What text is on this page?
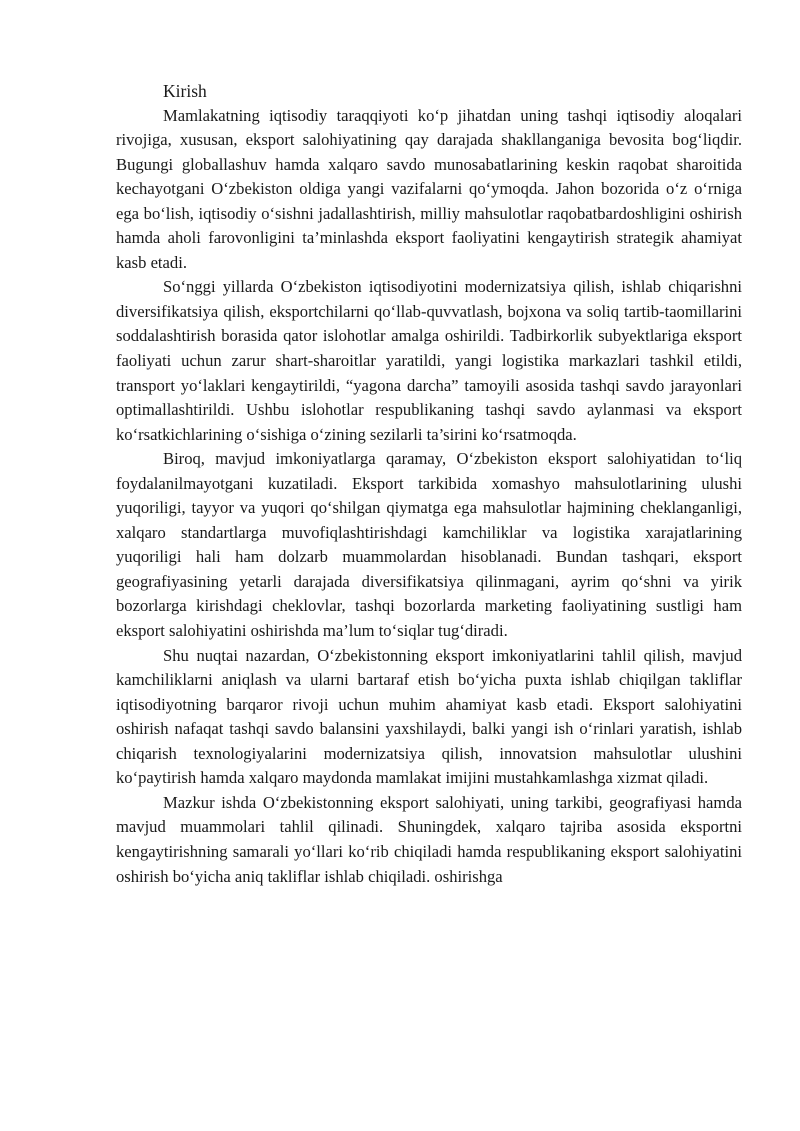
Kirish

Mamlakatning iqtisodiy taraqqiyoti ko‘p jihatdan uning tashqi iqtisodiy aloqalari rivojiga, xususan, eksport salohiyatining qay darajada shakllanganiga bevosita bog‘liqdir. Bugungi globallashuv hamda xalqaro savdo munosabatlarining keskin raqobat sharoitida kechayotgani O‘zbekiston oldiga yangi vazifalarni qo‘ymoqda. Jahon bozorida o‘z o‘rniga ega bo‘lish, iqtisodiy o‘sishni jadallashtirish, milliy mahsulotlar raqobatbardoshligini oshirish hamda aholi farovonligini ta’minlashda eksport faoliyatini kengaytirish strategik ahamiyat kasb etadi.

So‘nggi yillarda O‘zbekiston iqtisodiyotini modernizatsiya qilish, ishlab chiqarishni diversifikatsiya qilish, eksportchilarni qo‘llab-quvvatlash, bojxona va soliq tartib-taomillarini soddalashtirish borasida qator islohotlar amalga oshirildi. Tadbirkorlik subyektlariga eksport faoliyati uchun zarur shart-sharoitlar yaratildi, yangi logistika markazlari tashkil etildi, transport yo‘laklari kengaytirildi, “yagona darcha” tamoyili asosida tashqi savdo jarayonlari optimallashtirildi. Ushbu islohotlar respublikaning tashqi savdo aylanmasi va eksport ko‘rsatkichlarining o‘sishiga o‘zining sezilarli ta’sirini ko‘rsatmoqda.

Biroq, mavjud imkoniyatlarga qaramay, O‘zbekiston eksport salohiyatidan to‘liq foydalanilmayotgani kuzatiladi. Eksport tarkibida xomashyo mahsulotlarining ulushi yuqoriligi, tayyor va yuqori qo‘shilgan qiymatga ega mahsulotlar hajmining cheklanganligi, xalqaro standartlarga muvofiqlashtirishdagi kamchiliklar va logistika xarajatlarining yuqoriligi hali ham dolzarb muammolardan hisoblanadi. Bundan tashqari, eksport geografiyasining yetarli darajada diversifikatsiya qilinmagani, ayrim qo‘shni va yirik bozorlarga kirishdagi cheklovlar, tashqi bozorlarda marketing faoliyatining sustligi ham eksport salohiyatini oshirishda ma’lum to‘siqlar tug‘diradi.

Shu nuqtai nazardan, O‘zbekistonning eksport imkoniyatlarini tahlil qilish, mavjud kamchiliklarni aniqlash va ularni bartaraf etish bo‘yicha puxta ishlab chiqilgan takliflar iqtisodiyotning barqaror rivoji uchun muhim ahamiyat kasb etadi. Eksport salohiyatini oshirish nafaqat tashqi savdo balansini yaxshilaydi, balki yangi ish o‘rinlari yaratish, ishlab chiqarish texnologiyalarini modernizatsiya qilish, innovatsion mahsulotlar ulushini ko‘paytirish hamda xalqaro maydonda mamlakat imijini mustahkamlashga xizmat qiladi.

Mazkur ishda O‘zbekistonning eksport salohiyati, uning tarkibi, geografiyasi hamda mavjud muammolari tahlil qilinadi. Shuningdek, xalqaro tajriba asosida eksportni kengaytirishning samarali yo‘llari ko‘rib chiqiladi hamda respublikaning eksport salohiyatini oshirish bo‘yicha aniq takliflar ishlab chiqiladi. oshirishga
